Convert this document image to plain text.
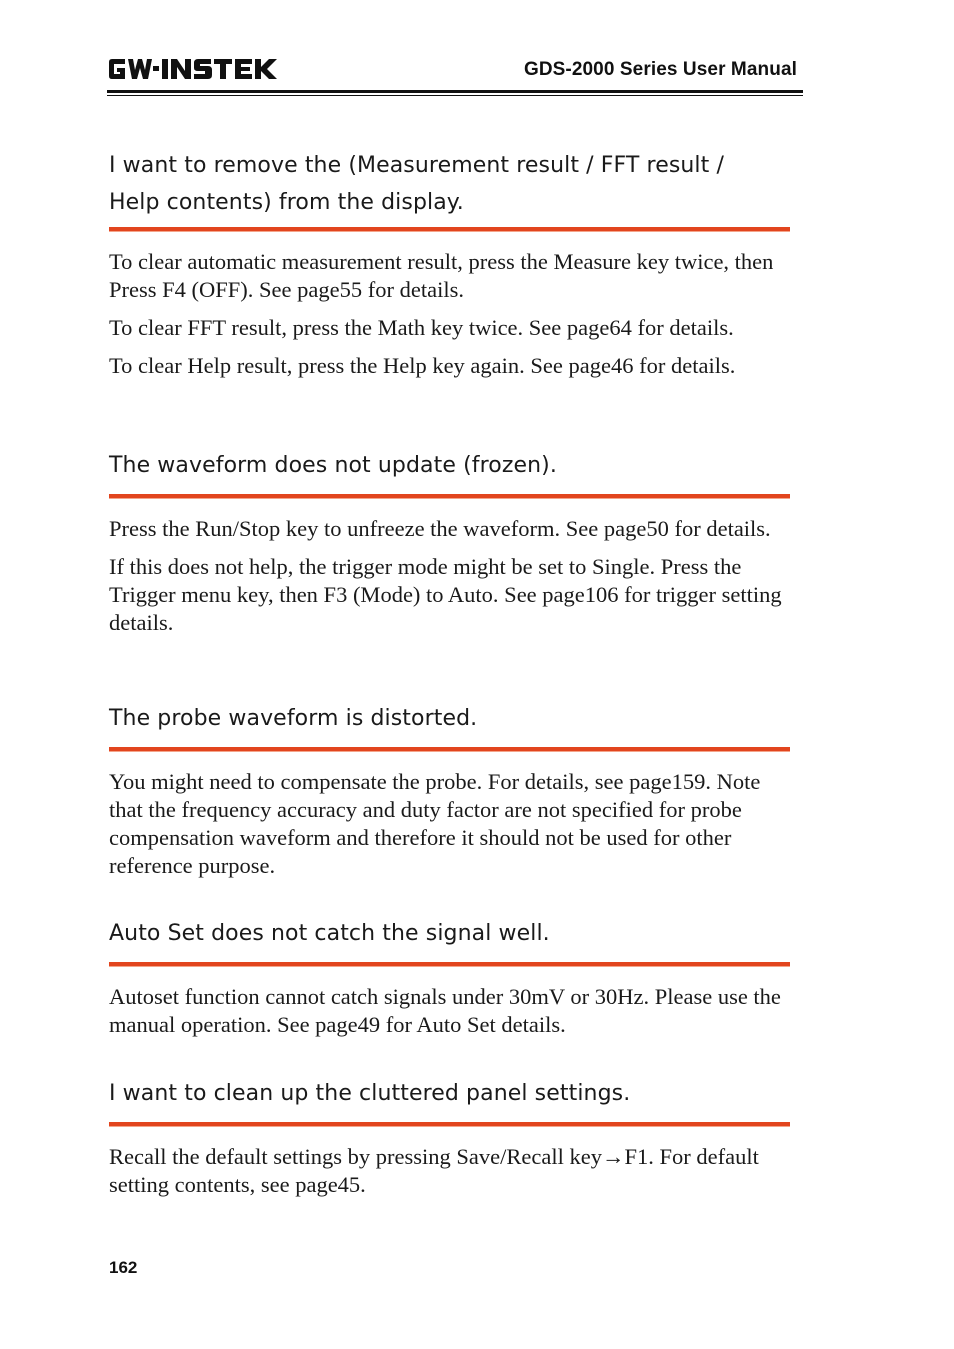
GDS-2000 Series User Manual
I want to remove the (Measurement result / FFT result /
Help contents) from the display.

To clear automatic measurement result, press the Measure key twice, then Press F4 (OFF). See page55 for details.

To clear FFT result, press the Math key twice. See page64 for details.

To clear Help result, press the Help key again. See page46 for details.

The waveform does not update (frozen).

Press the Run/Stop key to unfreeze the waveform. See page50 for details.

If this does not help, the trigger mode might be set to Single. Press the Trigger menu key, then F3 (Mode) to Auto. See page106 for trigger setting details.

The probe waveform is distorted.

You might need to compensate the probe. For details, see page159. Note that the frequency accuracy and duty factor are not specified for probe compensation waveform and therefore it should not be used for other reference purpose.

Auto Set does not catch the signal well.

Autoset function cannot catch signals under 30mV or 30Hz. Please use the manual operation. See page49 for Auto Set details.

I want to clean up the cluttered panel settings.

Recall the default settings by pressing Save/Recall key→F1. For default setting contents, see page45.

162
